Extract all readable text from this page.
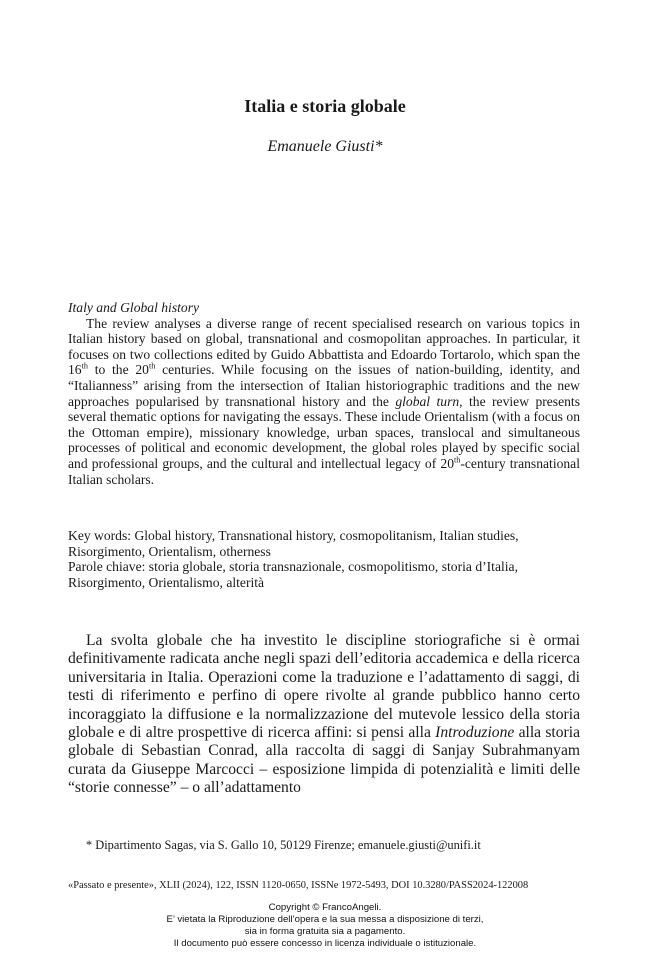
Italia e storia globale
Emanuele Giusti*
Italy and Global history

The review analyses a diverse range of recent specialised research on various topics in Italian history based on global, transnational and cosmopolitan approaches. In particular, it focuses on two collections edited by Guido Abbattista and Edoardo Tortarolo, which span the 16th to the 20th centuries. While focusing on the issues of nation-building, identity, and “Italianness” arising from the intersection of Italian historiographic traditions and the new approaches popularised by transnational history and the global turn, the review presents several thematic options for navigating the essays. These include Orientalism (with a focus on the Ottoman empire), missionary knowledge, urban spaces, translocal and simultaneous processes of political and economic development, the global roles played by specific social and professional groups, and the cultural and intellectual legacy of 20th-century transnational Italian scholars.

Key words: Global history, Transnational history, cosmopolitanism, Italian studies, Risorgimento, Orientalism, otherness
Parole chiave: storia globale, storia transnazionale, cosmopolitismo, storia d’Italia, Risorgimento, Orientalismo, alterità

La svolta globale che ha investito le discipline storiografiche si è ormai definitivamente radicata anche negli spazi dell’editoria accademica e della ricerca universitaria in Italia. Operazioni come la traduzione e l’adattamento di saggi, di testi di riferimento e perfino di opere rivolte al grande pubblico hanno certo incoraggiato la diffusione e la normalizzazione del mutevole lessico della storia globale e di altre prospettive di ricerca affini: si pensi alla Introduzione alla storia globale di Sebastian Conrad, alla raccolta di saggi di Sanjay Subrahmanyam curata da Giuseppe Marcocci – esposizione limpida di potenzialità e limiti delle “storie connesse” – o all’adattamento

* Dipartimento Sagas, via S. Gallo 10, 50129 Firenze; emanuele.giusti@unifi.it
«Passato e presente», XLII (2024), 122, ISSN 1120-0650, ISSNe 1972-5493, DOI 10.3280/PASS2024-122008
Copyright © FrancoAngeli.
E’ vietata la Riproduzione dell’opera e la sua messa a disposizione di terzi,
sia in forma gratuita sia a pagamento.
Il documento può essere concesso in licenza individuale o istituzionale.
